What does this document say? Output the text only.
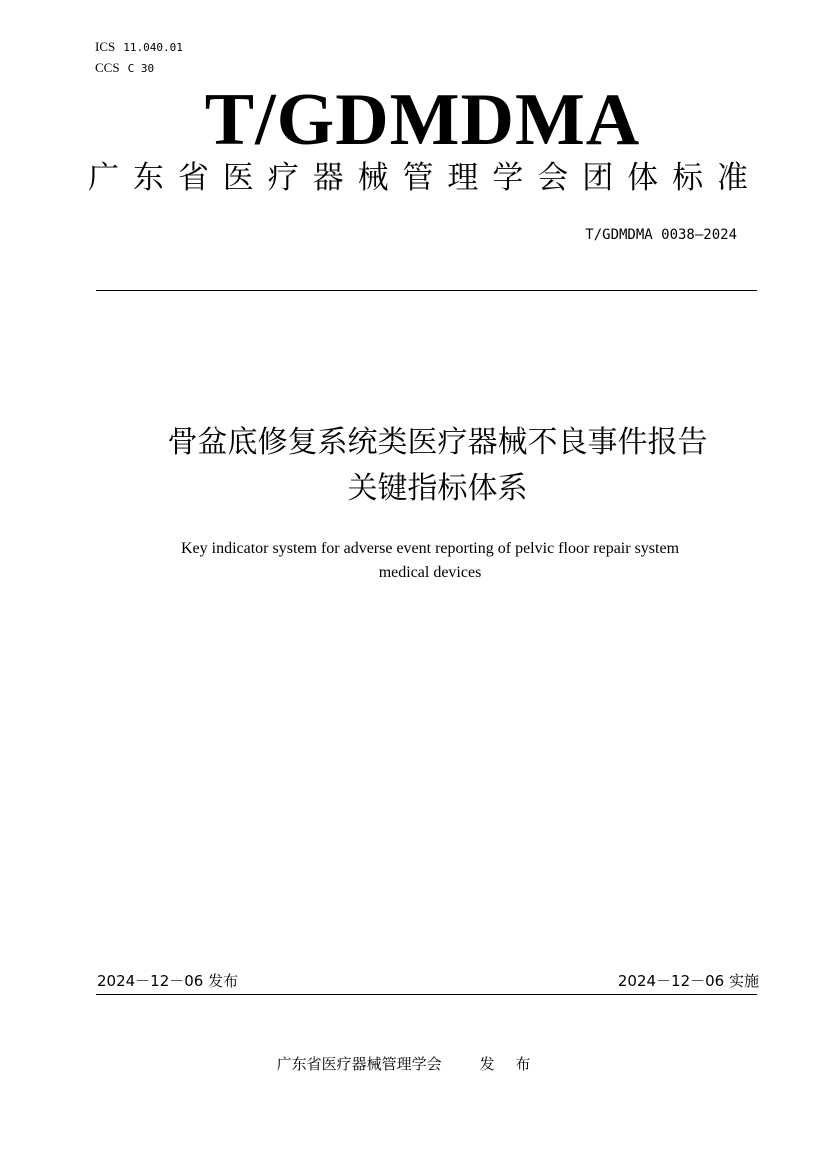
ICS 11.040.01
CCS C 30
T/GDMDMA
广东省医疗器械管理学会团体标准
T/GDMDMA 0038—2024
骨盆底修复系统类医疗器械不良事件报告
关键指标体系
Key indicator system for adverse event reporting of pelvic floor repair system
medical devices
2024－12－06 发布	2024－12－06 实施
广东省医疗器械管理学会	发 布
